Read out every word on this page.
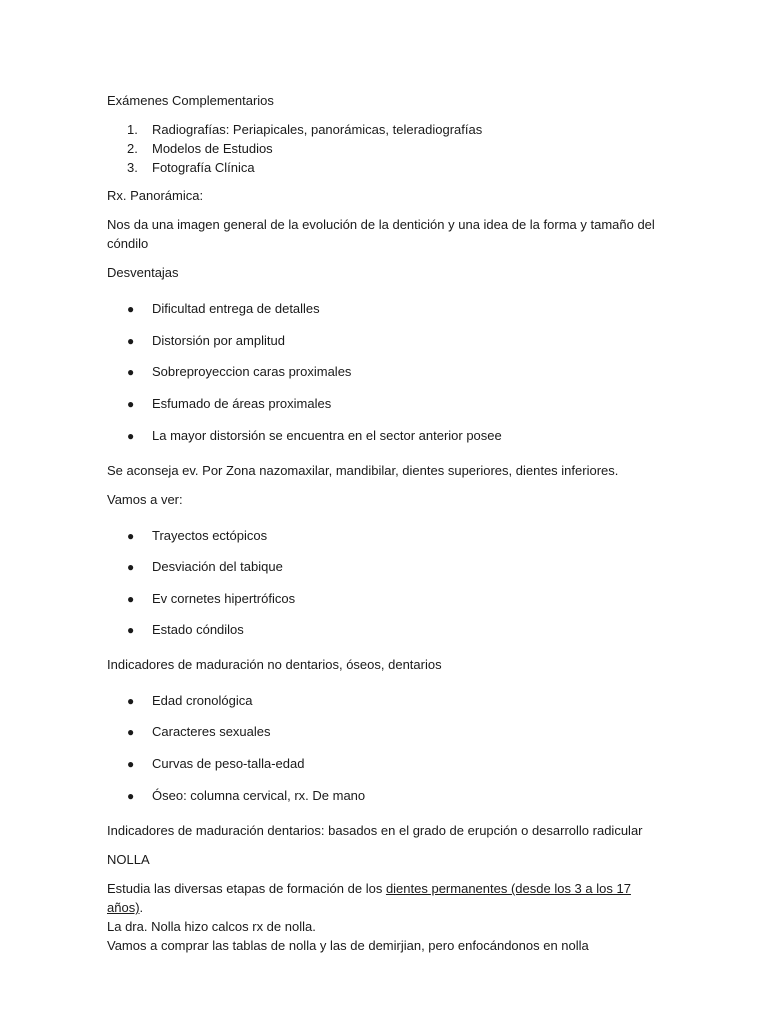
Exámenes Complementarios

1. Radiografías: Periapicales, panorámicas, teleradiografías

2. Modelos de Estudios

3. Fotografía Clínica

Rx. Panorámica:

Nos da una imagen general de la evolución de la dentición y una idea de la forma y tamaño del cóndilo

Desventajas

● Dificultad entrega de detalles

● Distorsión por amplitud

● Sobreproyeccion caras proximales

● Esfumado de áreas proximales

● La mayor distorsión se encuentra en el sector anterior posee

Se aconseja ev. Por Zona nazomaxilar, mandibilar, dientes superiores, dientes inferiores.

Vamos a ver:

● Trayectos ectópicos

● Desviación del tabique

● Ev cornetes hipertróficos

● Estado cóndilos

Indicadores de maduración no dentarios, óseos, dentarios

● Edad cronológica

● Caracteres sexuales

● Curvas de peso-talla-edad

● Óseo: columna cervical, rx. De mano

Indicadores de maduración dentarios: basados en el grado de erupción o desarrollo radicular

NOLLA

Estudia las diversas etapas de formación de los dientes permanentes (desde los 3 a los 17 años).
La dra. Nolla hizo calcos rx de nolla.
Vamos a comprar las tablas de nolla y las de demirjian, pero enfocándonos en nolla
